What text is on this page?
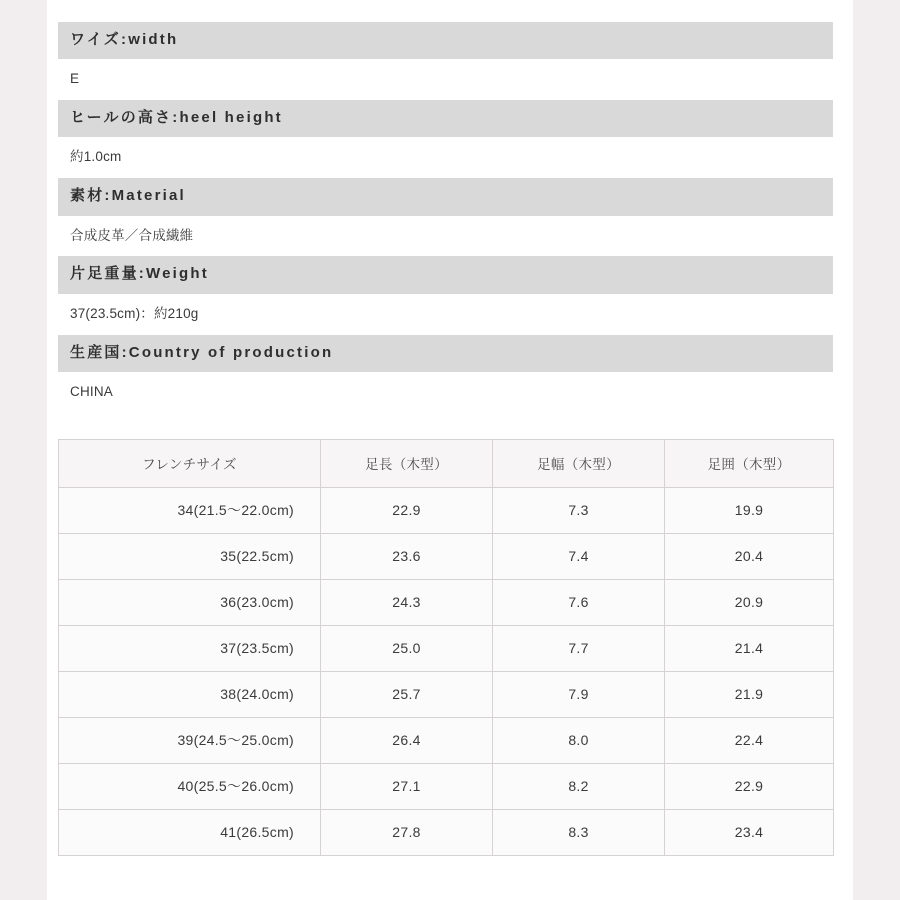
ワイズ:width
E
ヒールの高さ:heel height
約1.0cm
素材:Material
合成皮革／合成繊維
片足重量:Weight
37(23.5cm)：約210g
生産国:Country of production
CHINA
フレンチサイズ	足長（木型）	足幅（木型）	足囲（木型）
34(21.5〜22.0cm)	22.9	7.3	19.9
35(22.5cm)	23.6	7.4	20.4
36(23.0cm)	24.3	7.6	20.9
37(23.5cm)	25.0	7.7	21.4
38(24.0cm)	25.7	7.9	21.9
39(24.5〜25.0cm)	26.4	8.0	22.4
40(25.5〜26.0cm)	27.1	8.2	22.9
41(26.5cm)	27.8	8.3	23.4
